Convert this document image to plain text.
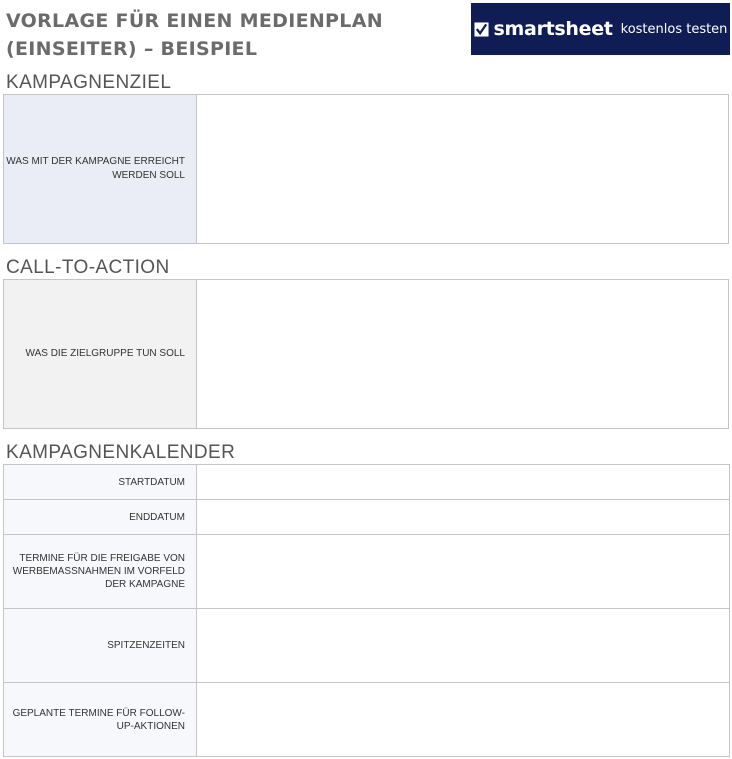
VORLAGE FÜR EINEN MEDIENPLAN
(EINSEITER) – BEISPIEL
smartsheet kostenlos testen
KAMPAGNENZIEL
WAS MIT DER KAMPAGNE ERREICHT WERDEN SOLL
CALL-TO-ACTION
WAS DIE ZIELGRUPPE TUN SOLL
KAMPAGNENKALENDER
STARTDATUM	
ENDDATUM	
TERMINE FÜR DIE FREIGABE VON WERBEMASSNAHMEN IM VORFELD DER KAMPAGNE	
SPITZENZEITEN	
GEPLANTE TERMINE FÜR FOLLOW-UP-AKTIONEN	
